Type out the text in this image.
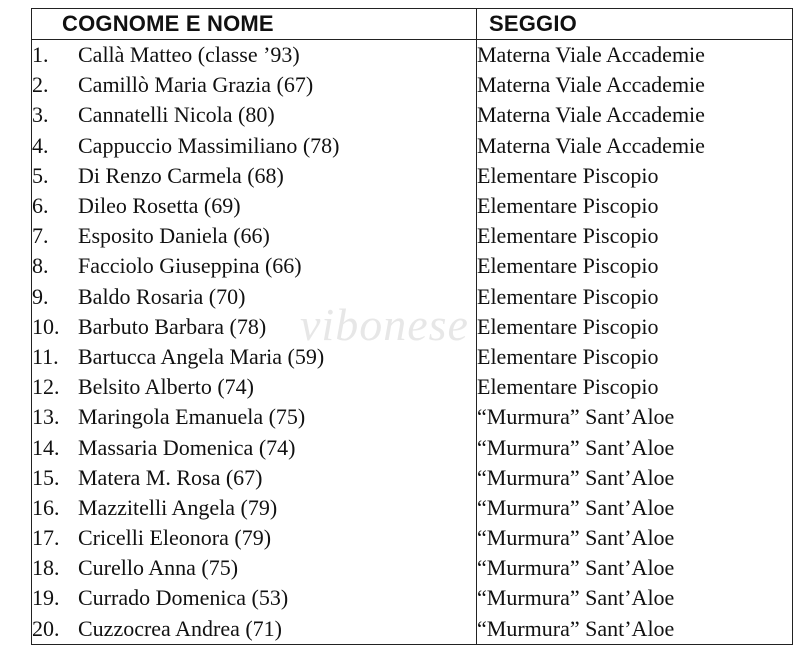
COGNOME E NOME	SEGGIO
1. Callà Matteo (classe ’93)	Materna Viale Accademie
2. Camillò Maria Grazia (67)	Materna Viale Accademie
3. Cannatelli Nicola (80)	Materna Viale Accademie
4. Cappuccio Massimiliano (78)	Materna Viale Accademie
5. Di Renzo Carmela (68)	Elementare Piscopio
6. Dileo Rosetta (69)	Elementare Piscopio
7. Esposito Daniela (66)	Elementare Piscopio
8. Facciolo Giuseppina (66)	Elementare Piscopio
9. Baldo Rosaria (70)	Elementare Piscopio
10. Barbuto Barbara (78)	Elementare Piscopio
11. Bartucca Angela Maria (59)	Elementare Piscopio
12. Belsito Alberto (74)	Elementare Piscopio
13. Maringola Emanuela (75)	“Murmura” Sant’Aloe
14. Massaria Domenica (74)	“Murmura” Sant’Aloe
15. Matera M. Rosa (67)	“Murmura” Sant’Aloe
16. Mazzitelli Angela (79)	“Murmura” Sant’Aloe
17. Cricelli Eleonora (79)	“Murmura” Sant’Aloe
18. Curello Anna (75)	“Murmura” Sant’Aloe
19. Currado Domenica (53)	“Murmura” Sant’Aloe
20. Cuzzocrea Andrea (71)	“Murmura” Sant’Aloe
vibonese
